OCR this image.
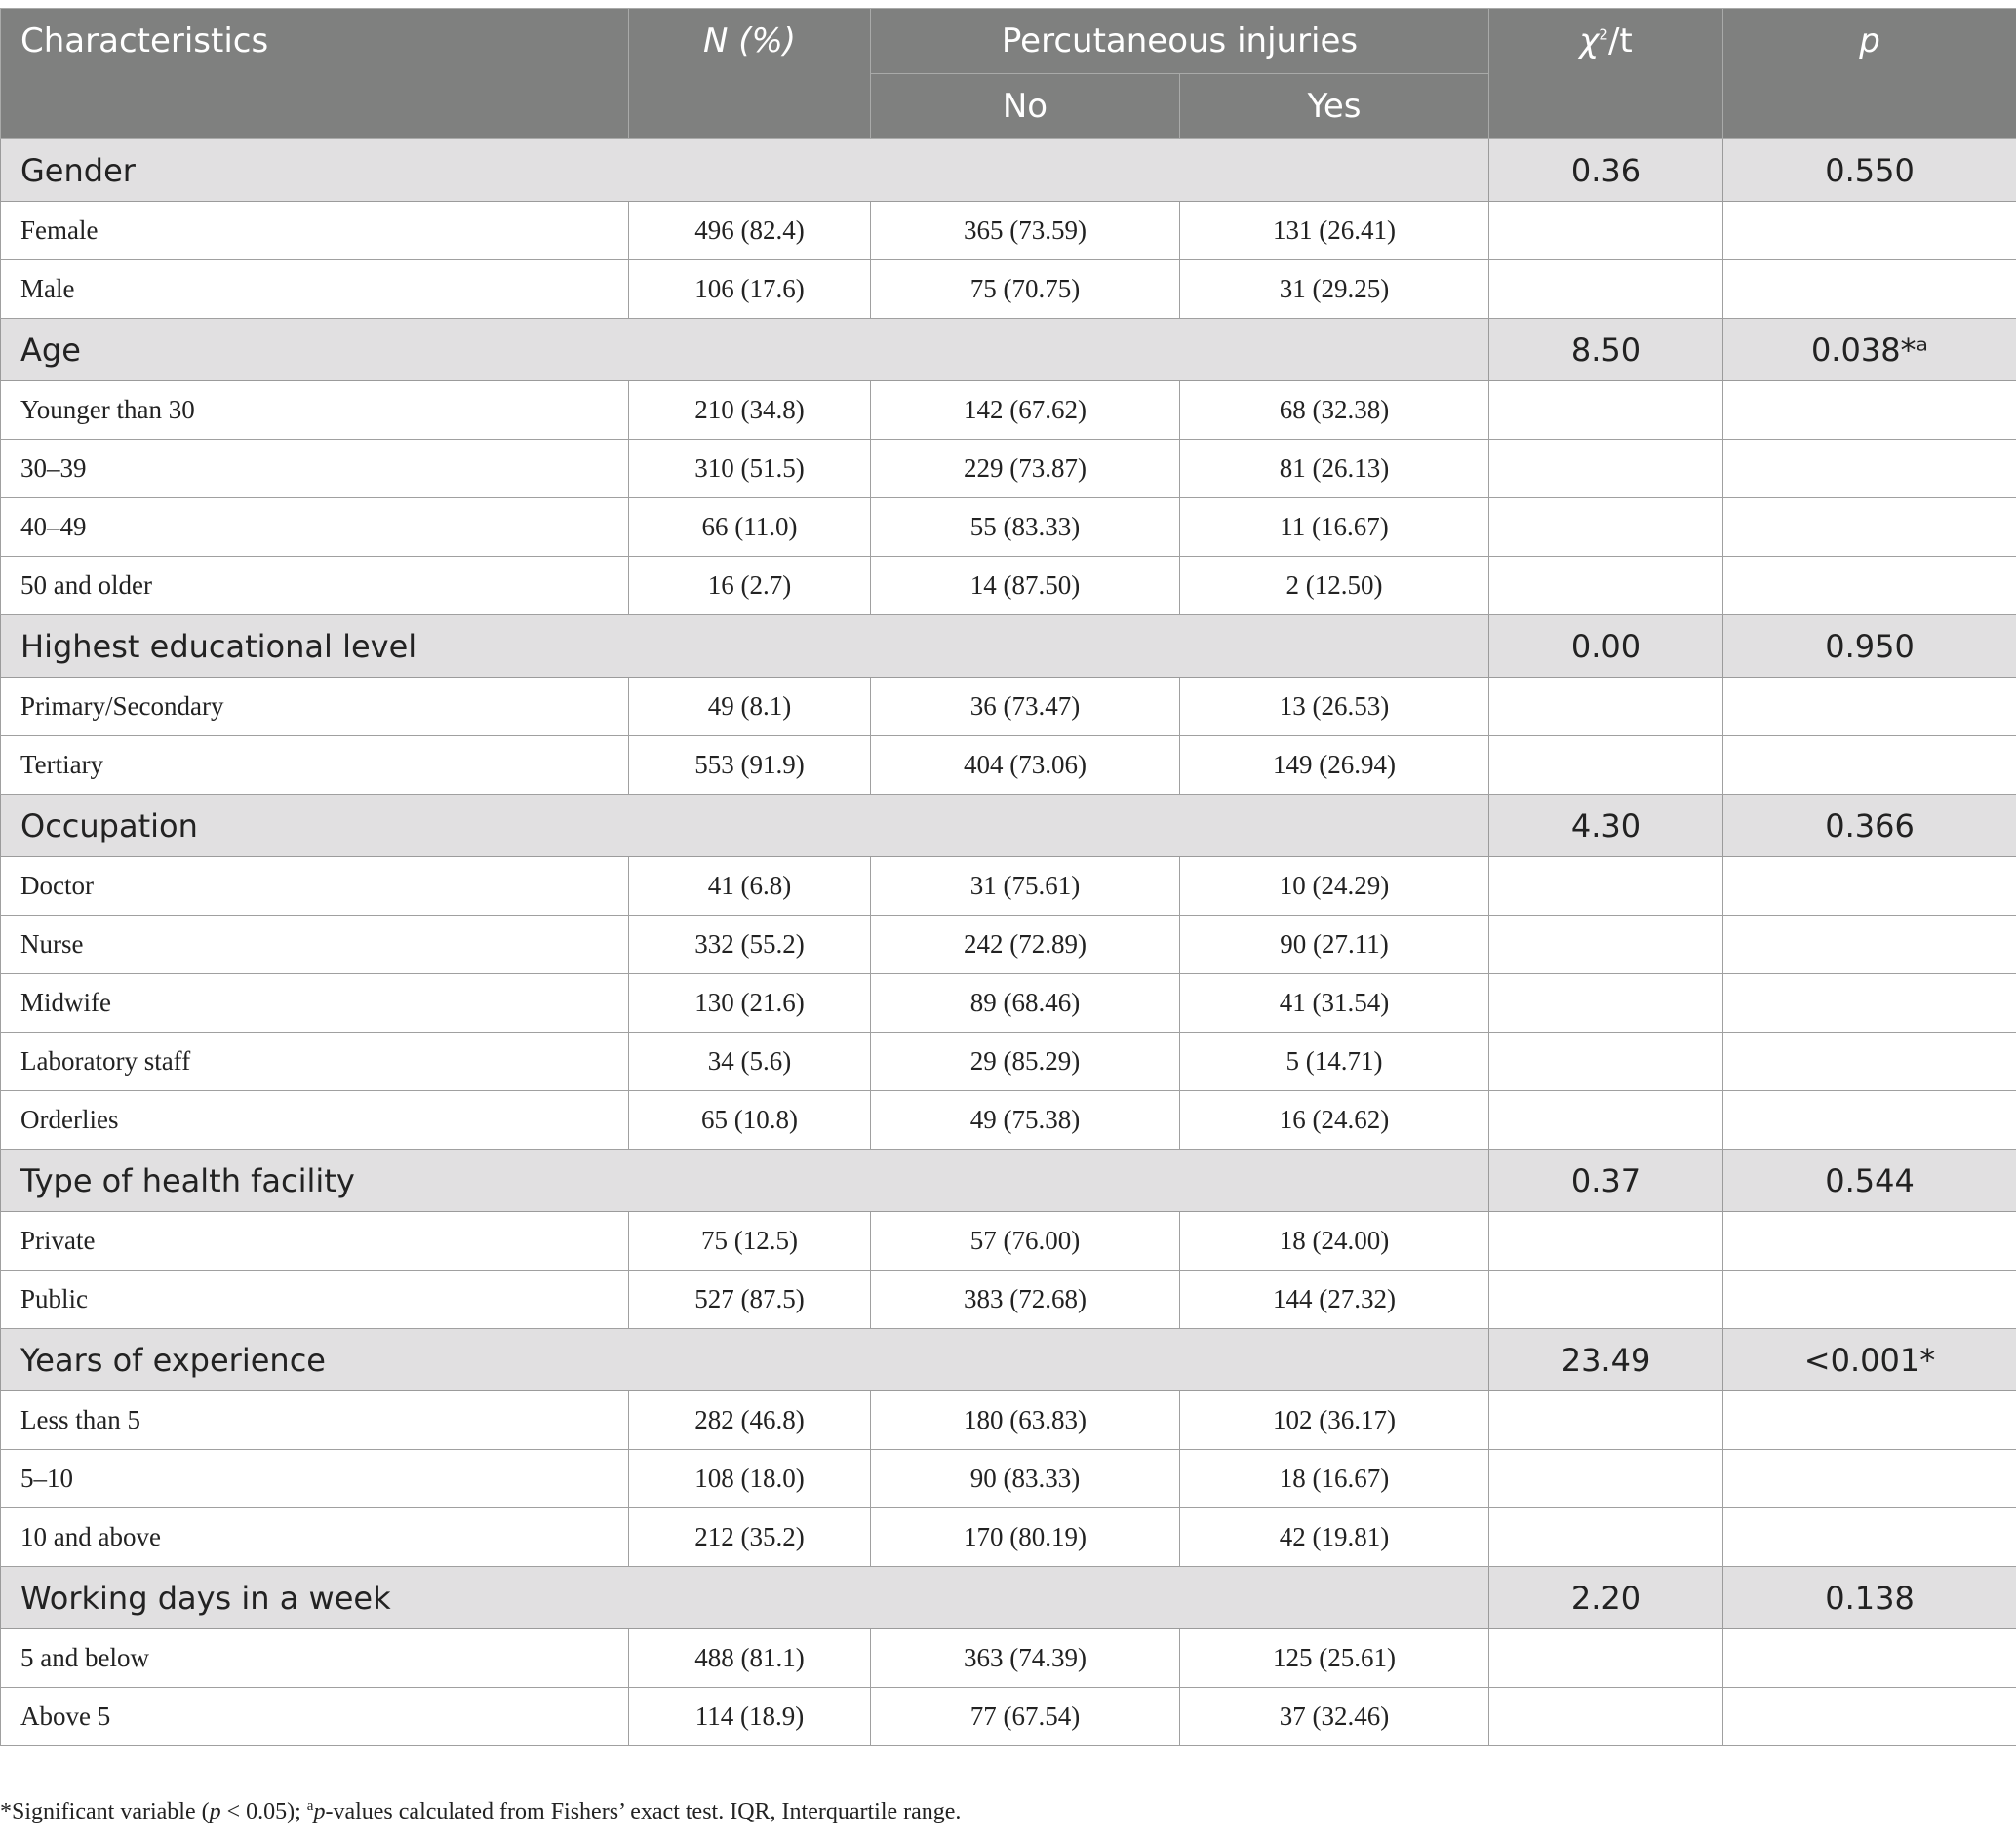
Characteristics	N (%)	Percutaneous injuries		$\chi^2/t$	p
		No	Yes		
Gender				0.36	0.550
Female	496 (82.4)	365 (73.59)	131 (26.41)		
Male	106 (17.6)	75 (70.75)	31 (29.25)		
Age				8.50	0.038*ᵃ
Younger than 30	210 (34.8)	142 (67.62)	68 (32.38)		
30–39	310 (51.5)	229 (73.87)	81 (26.13)		
40–49	66 (11.0)	55 (83.33)	11 (16.67)		
50 and older	16 (2.7)	14 (87.50)	2 (12.50)		
Highest educational level				0.00	0.950
Primary/Secondary	49 (8.1)	36 (73.47)	13 (26.53)		
Tertiary	553 (91.9)	404 (73.06)	149 (26.94)		
Occupation				4.30	0.366
Doctor	41 (6.8)	31 (75.61)	10 (24.29)		
Nurse	332 (55.2)	242 (72.89)	90 (27.11)		
Midwife	130 (21.6)	89 (68.46)	41 (31.54)		
Laboratory staff	34 (5.6)	29 (85.29)	5 (14.71)		
Orderlies	65 (10.8)	49 (75.38)	16 (24.62)		
Type of health facility				0.37	0.544
Private	75 (12.5)	57 (76.00)	18 (24.00)		
Public	527 (87.5)	383 (72.68)	144 (27.32)		
Years of experience				23.49	<0.001*
Less than 5	282 (46.8)	180 (63.83)	102 (36.17)		
5–10	108 (18.0)	90 (83.33)	18 (16.67)		
10 and above	212 (35.2)	170 (80.19)	42 (19.81)		
Working days in a week				2.20	0.138
5 and below	488 (81.1)	363 (74.39)	125 (25.61)		
Above 5	114 (18.9)	77 (67.54)	37 (32.46)		
*Significant variable (p < 0.05); $^a$p-values calculated from Fishers’ exact test. IQR, Interquartile range.
